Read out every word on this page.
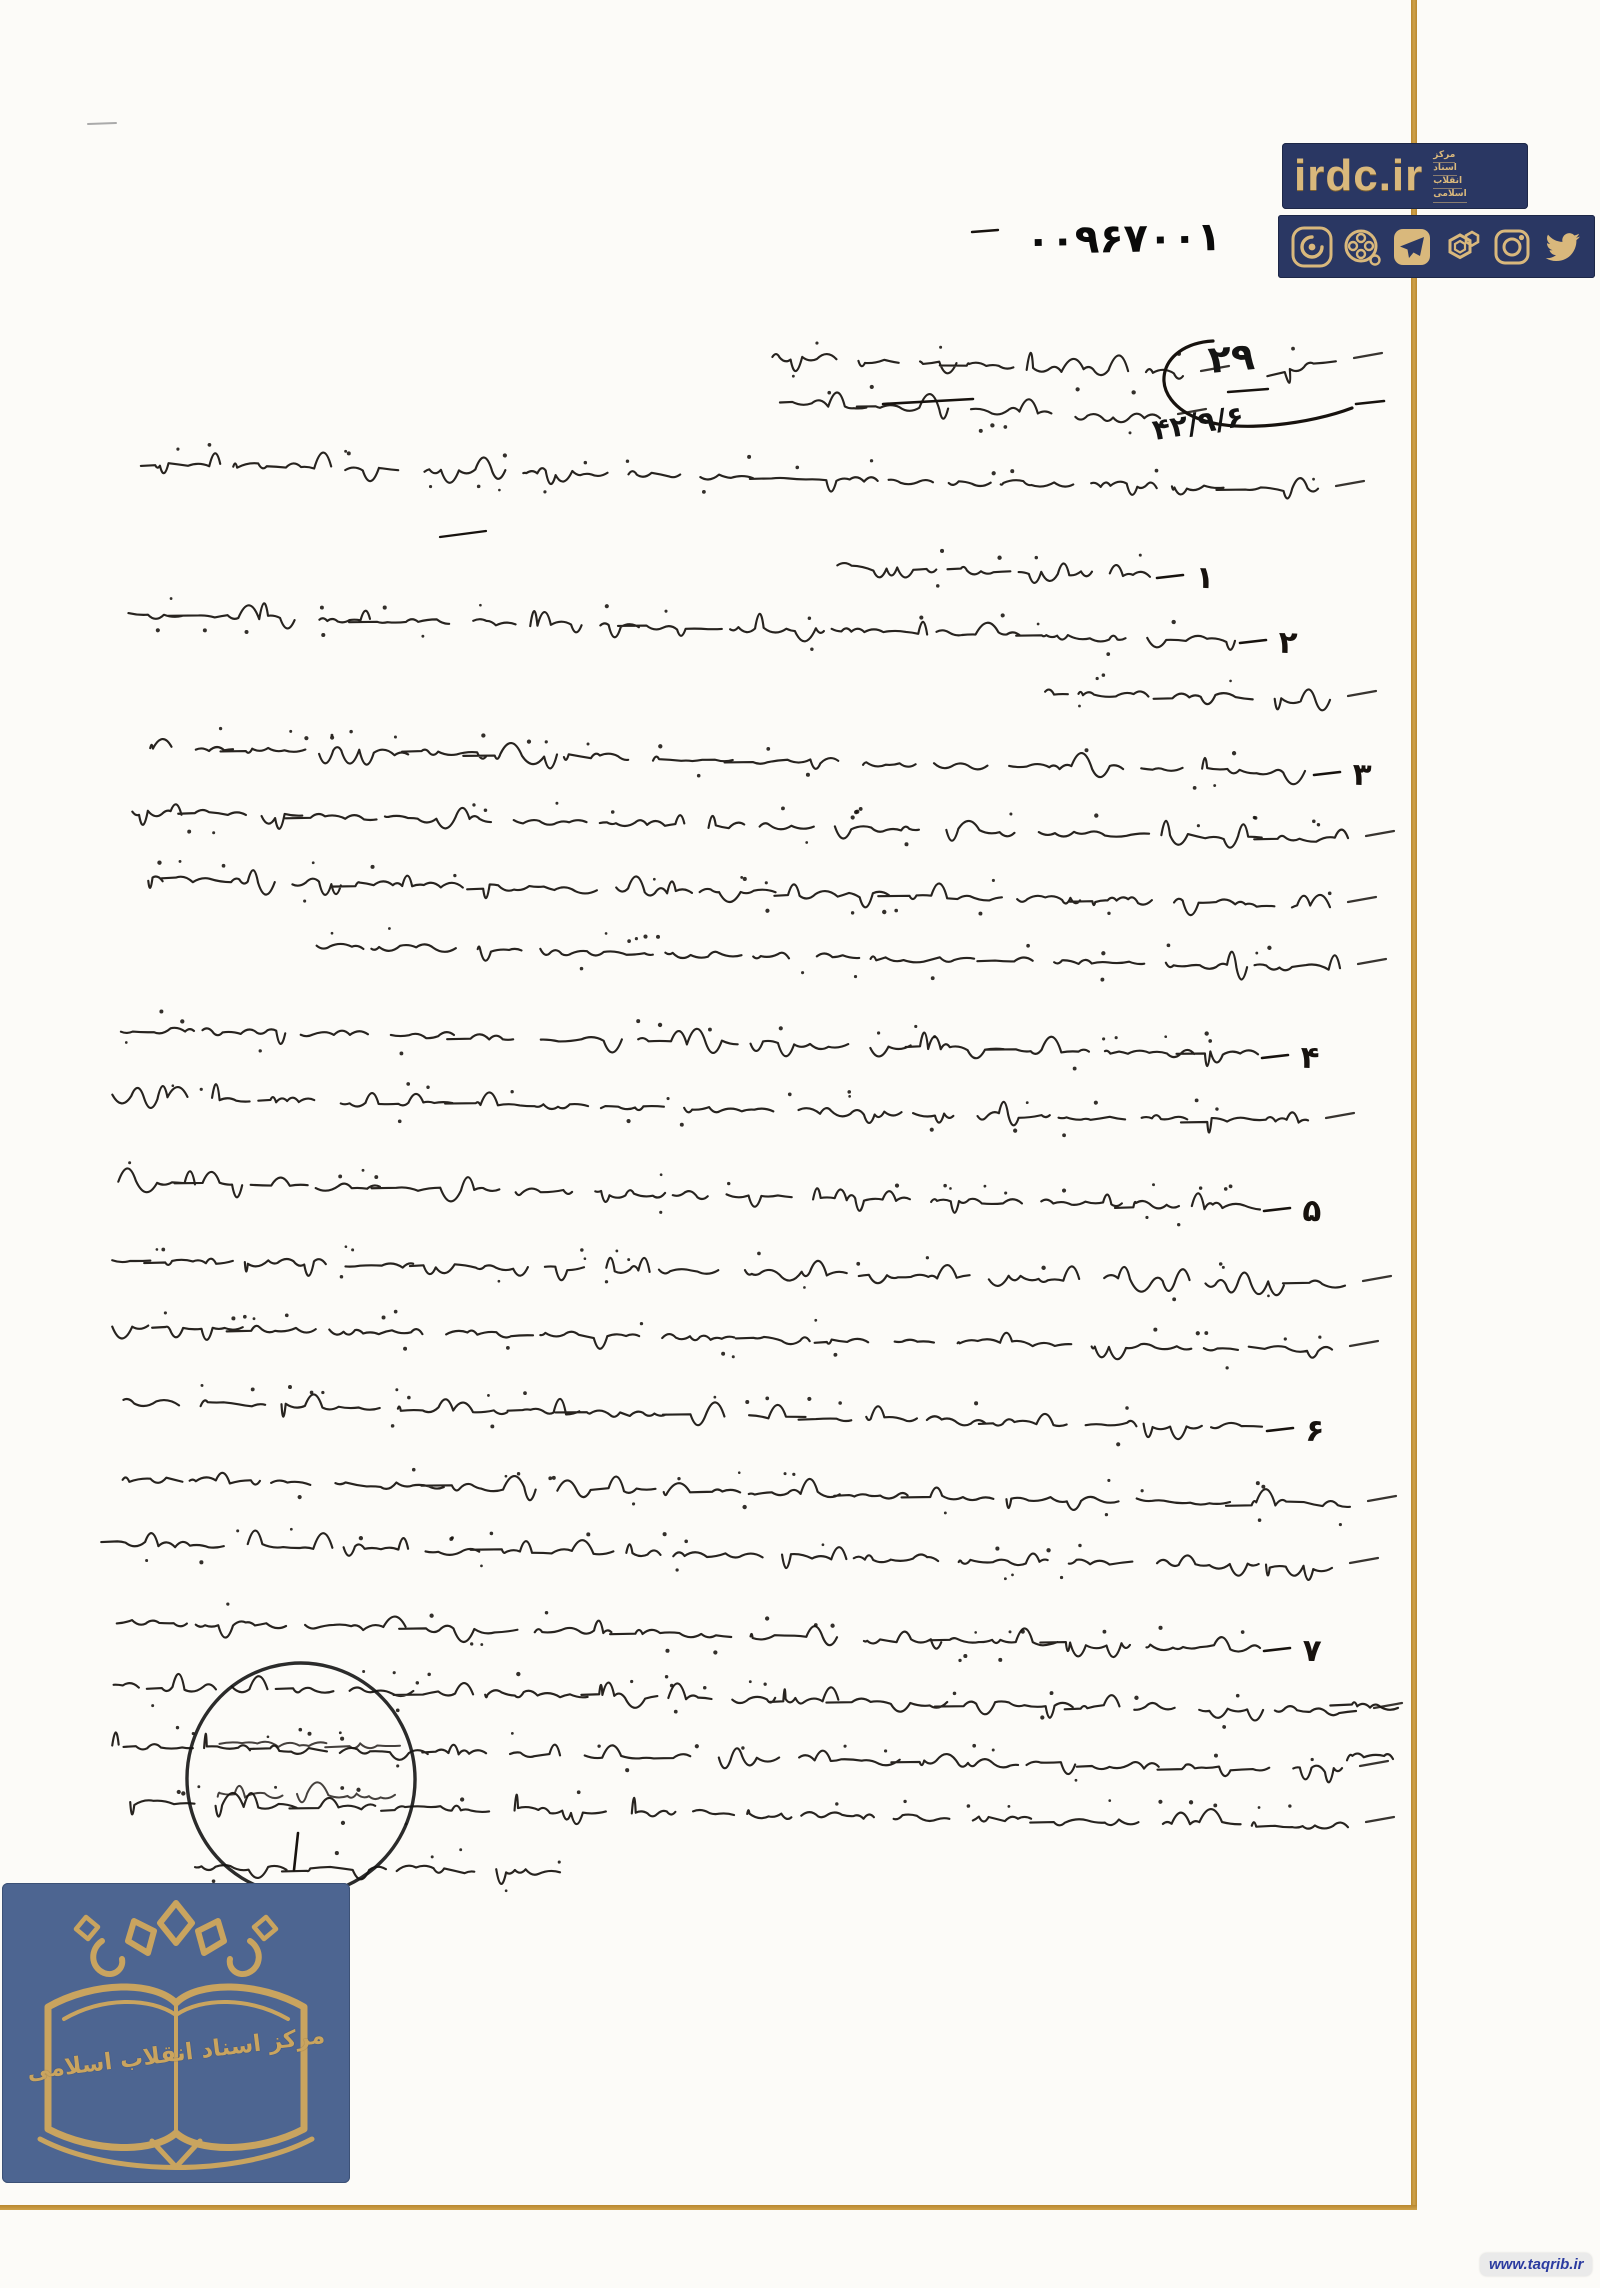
۱
۲
۳
۴
۵
۶
۷
۰۰۹۶۷۰۰۱
۲۹
۴۲/۹/۶
irdc.ir مرکز
اسناد
انقلاب
اسلامی
مرکز اسناد انقلاب اسلامی
www.taqrib.ir
